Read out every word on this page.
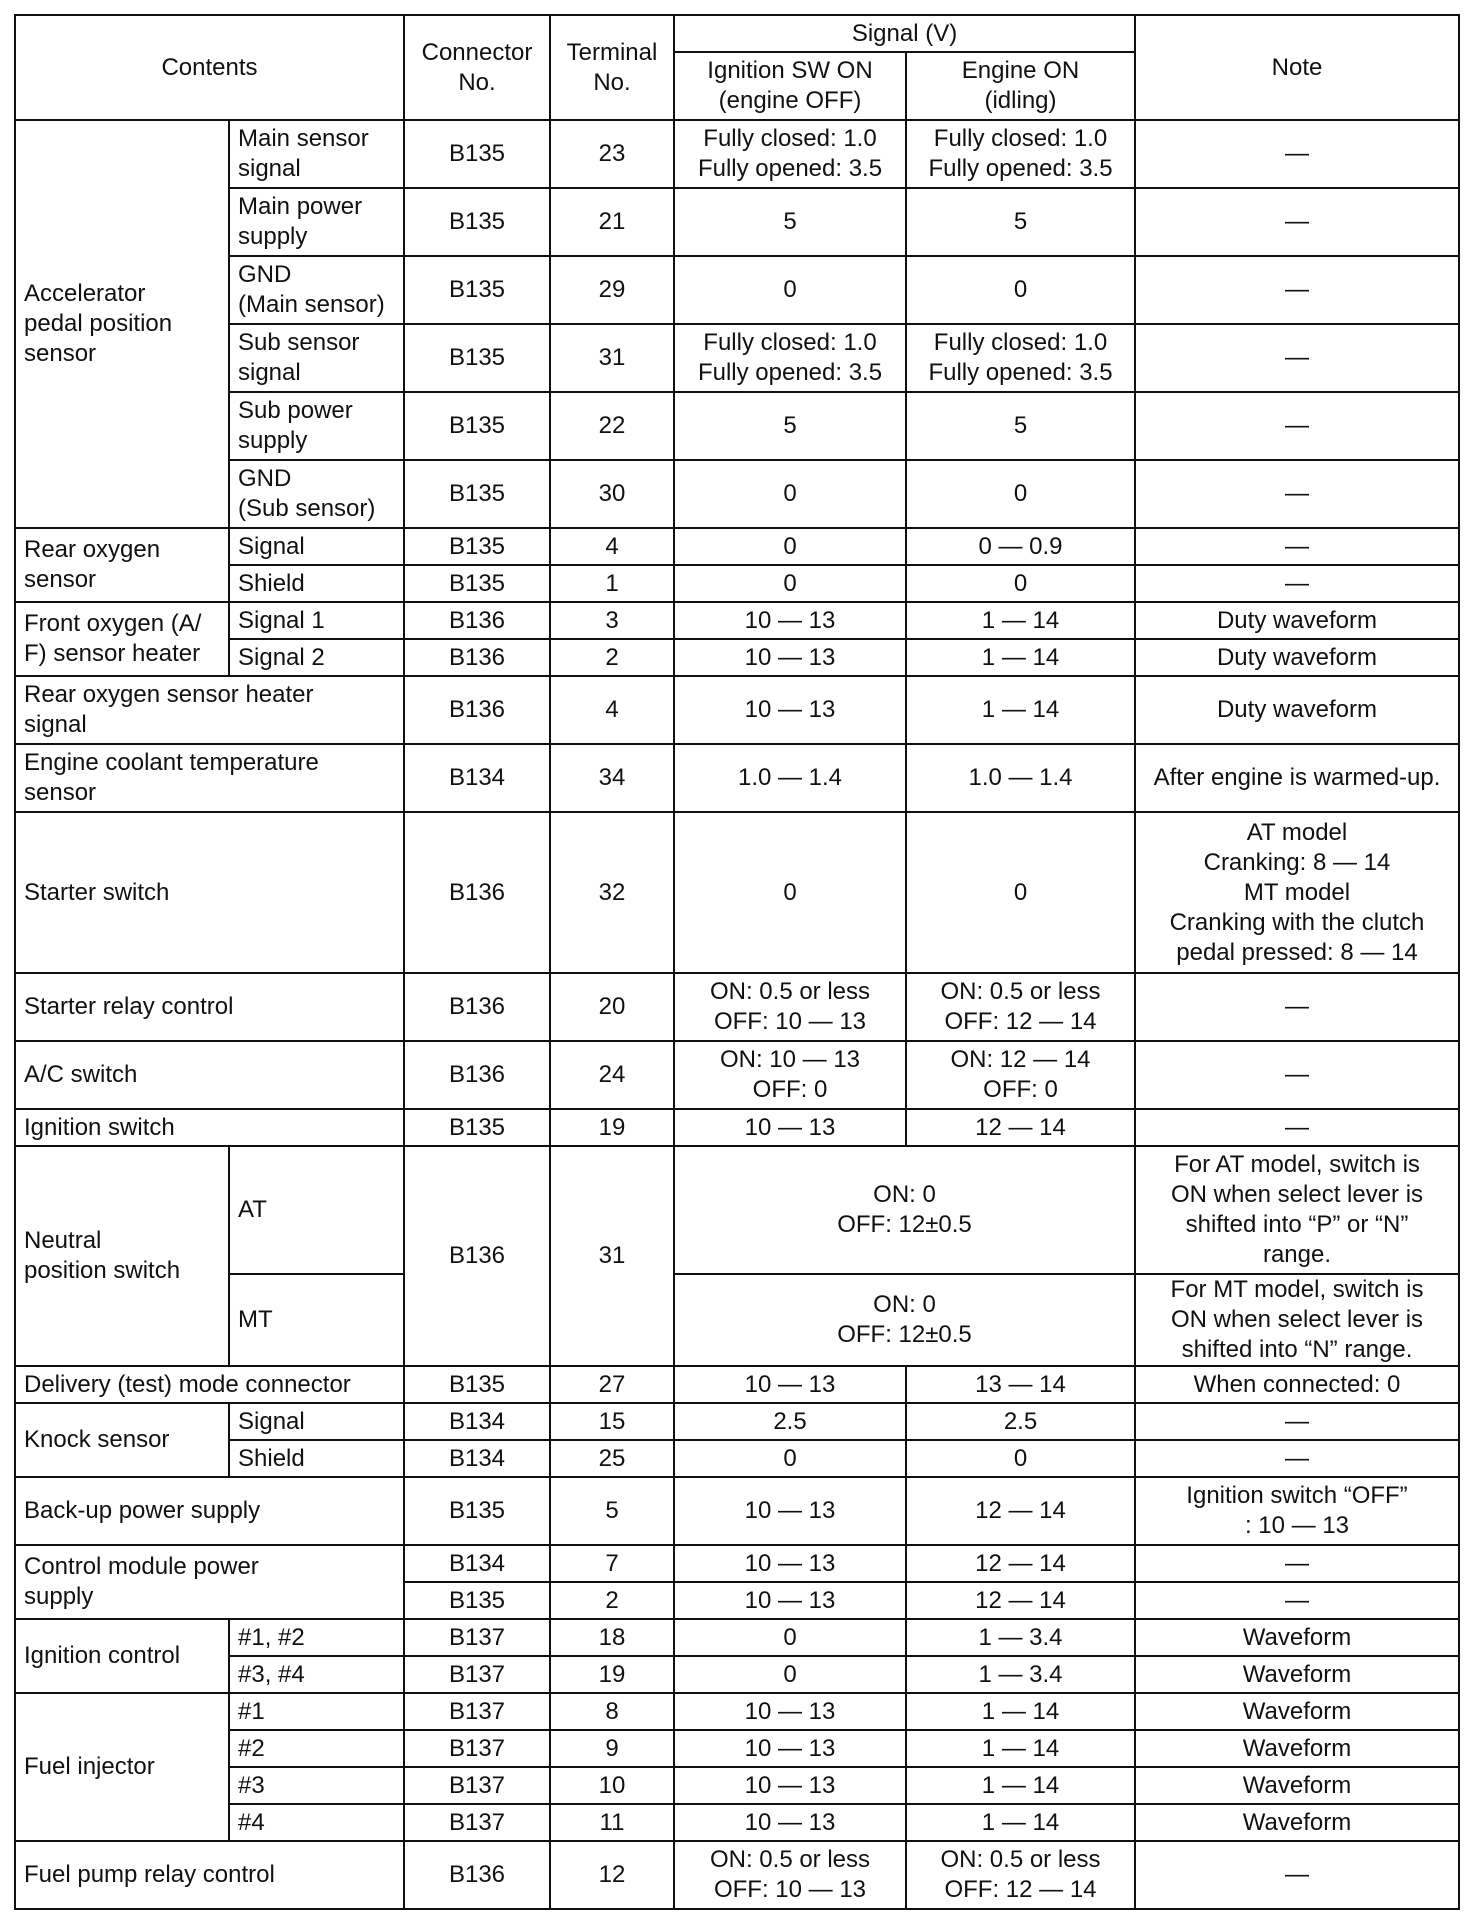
Contents		Connector
No.	Terminal
No.	Signal (V)		Note
				Ignition SW ON
(engine OFF)	Engine ON
(idling)	
Accelerator
pedal position
sensor	Main sensor
signal	B135	23	Fully closed: 1.0
Fully opened: 3.5	Fully closed: 1.0
Fully opened: 3.5	—
	Main power
supply	B135	21	5	5	—
	GND
(Main sensor)	B135	29	0	0	—
	Sub sensor
signal	B135	31	Fully closed: 1.0
Fully opened: 3.5	Fully closed: 1.0
Fully opened: 3.5	—
	Sub power
supply	B135	22	5	5	—
	GND
(Sub sensor)	B135	30	0	0	—
Rear oxygen
sensor	Signal	B135	4	0	0 — 0.9	—
	Shield	B135	1	0	0	—
Front oxygen (A/
F) sensor heater	Signal 1	B136	3	10 — 13	1 — 14	Duty waveform
	Signal 2	B136	2	10 — 13	1 — 14	Duty waveform
Rear oxygen sensor heater
signal		B136	4	10 — 13	1 — 14	Duty waveform
Engine coolant temperature
sensor		B134	34	1.0 — 1.4	1.0 — 1.4	After engine is warmed-up.
Starter switch		B136	32	0	0	AT model
Cranking: 8 — 14
MT model
Cranking with the clutch
pedal pressed: 8 — 14
Starter relay control		B136	20	ON: 0.5 or less
OFF: 10 — 13	ON: 0.5 or less
OFF: 12 — 14	—
A/C switch		B136	24	ON: 10 — 13
OFF: 0	ON: 12 — 14
OFF: 0	—
Ignition switch		B135	19	10 — 13	12 — 14	—
Neutral
position switch	AT	B136	31	ON: 0
OFF: 12±0.5		For AT model, switch is
ON when select lever is
shifted into “P” or “N”
range.
	MT			ON: 0
OFF: 12±0.5		For MT model, switch is
ON when select lever is
shifted into “N” range.
Delivery (test) mode connector		B135	27	10 — 13	13 — 14	When connected: 0
Knock sensor	Signal	B134	15	2.5	2.5	—
	Shield	B134	25	0	0	—
Back-up power supply		B135	5	10 — 13	12 — 14	Ignition switch “OFF”
: 10 — 13
Control module power
supply		B134	7	10 — 13	12 — 14	—
		B135	2	10 — 13	12 — 14	—
Ignition control	#1, #2	B137	18	0	1 — 3.4	Waveform
	#3, #4	B137	19	0	1 — 3.4	Waveform
Fuel injector	#1	B137	8	10 — 13	1 — 14	Waveform
	#2	B137	9	10 — 13	1 — 14	Waveform
	#3	B137	10	10 — 13	1 — 14	Waveform
	#4	B137	11	10 — 13	1 — 14	Waveform
Fuel pump relay control		B136	12	ON: 0.5 or less
OFF: 10 — 13	ON: 0.5 or less
OFF: 12 — 14	—
